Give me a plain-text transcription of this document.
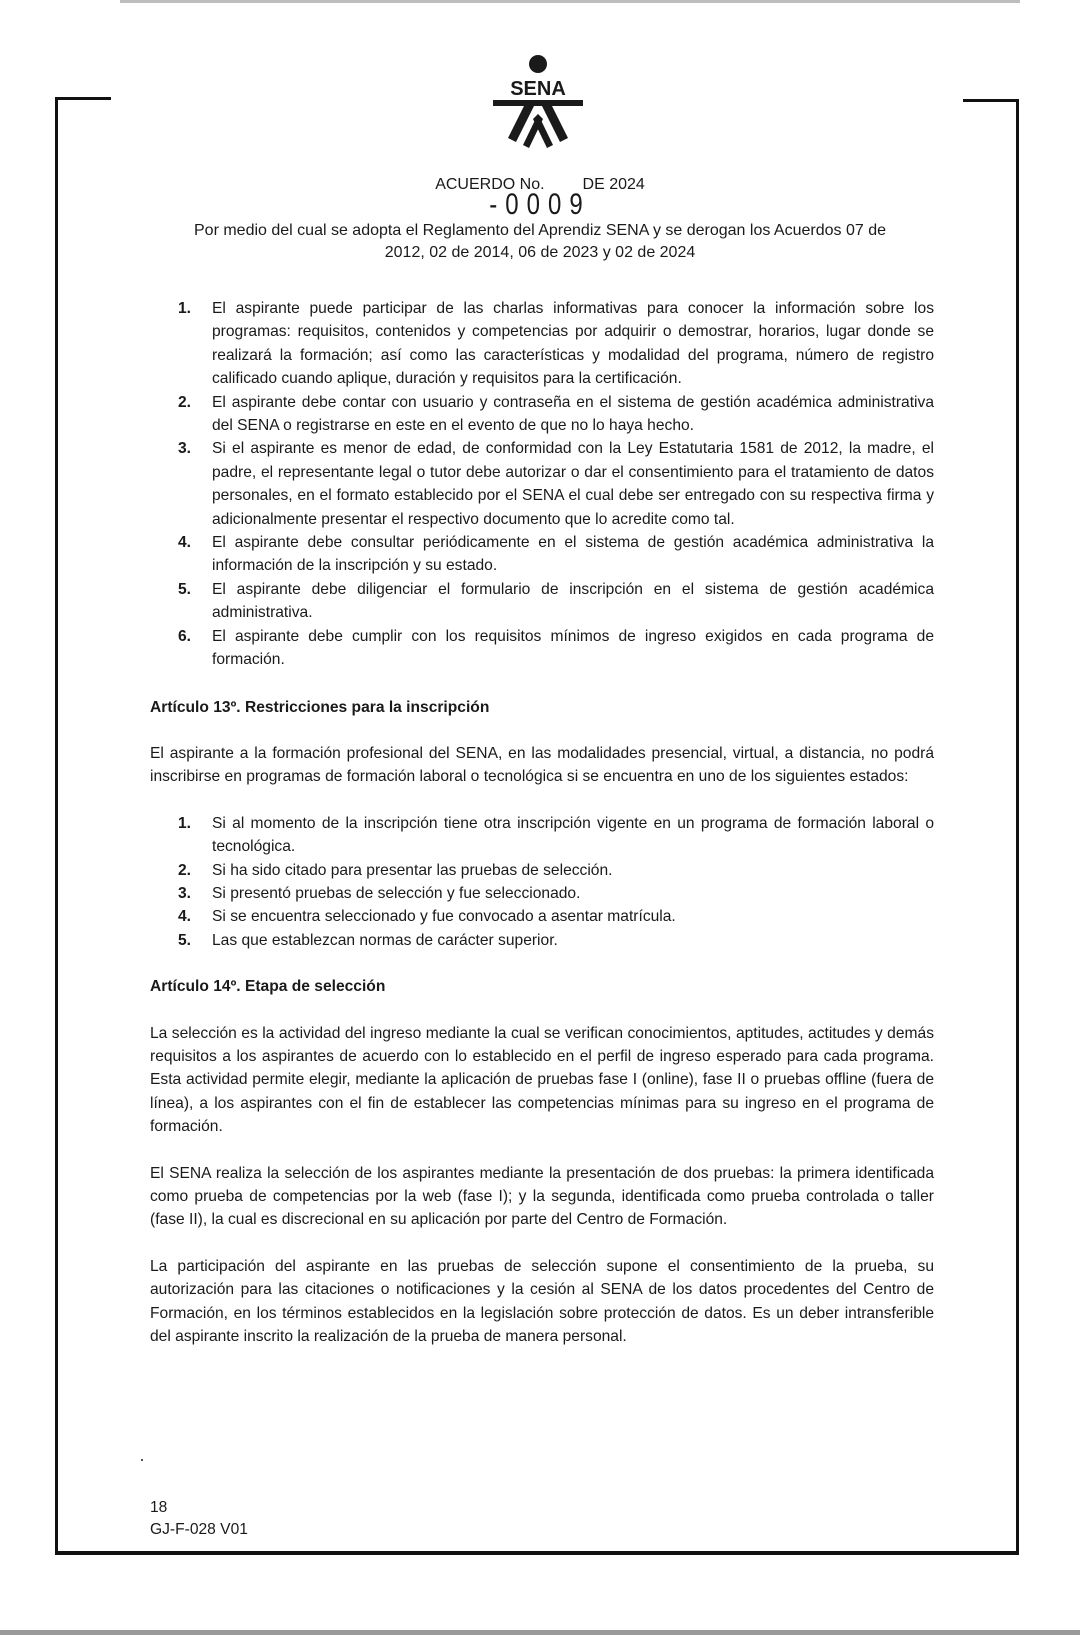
SENA
ACUERDO No. DE 2024
-0009
Por medio del cual se adopta el Reglamento del Aprendiz SENA y se derogan los Acuerdos 07 de
2012, 02 de 2014, 06 de 2023 y 02 de 2024
1. El aspirante puede participar de las charlas informativas para conocer la información sobre los programas: requisitos, contenidos y competencias por adquirir o demostrar, horarios, lugar donde se realizará la formación; así como las características y modalidad del programa, número de registro calificado cuando aplique, duración y requisitos para la certificación.
2. El aspirante debe contar con usuario y contraseña en el sistema de gestión académica administrativa del SENA o registrarse en este en el evento de que no lo haya hecho.
3. Si el aspirante es menor de edad, de conformidad con la Ley Estatutaria 1581 de 2012, la madre, el padre, el representante legal o tutor debe autorizar o dar el consentimiento para el tratamiento de datos personales, en el formato establecido por el SENA el cual debe ser entregado con su respectiva firma y adicionalmente presentar el respectivo documento que lo acredite como tal.
4. El aspirante debe consultar periódicamente en el sistema de gestión académica administrativa la información de la inscripción y su estado.
5. El aspirante debe diligenciar el formulario de inscripción en el sistema de gestión académica administrativa.
6. El aspirante debe cumplir con los requisitos mínimos de ingreso exigidos en cada programa de formación.

Artículo 13º. Restricciones para la inscripción

El aspirante a la formación profesional del SENA, en las modalidades presencial, virtual, a distancia, no podrá inscribirse en programas de formación laboral o tecnológica si se encuentra en uno de los siguientes estados:

1. Si al momento de la inscripción tiene otra inscripción vigente en un programa de formación laboral o tecnológica.
2. Si ha sido citado para presentar las pruebas de selección.
3. Si presentó pruebas de selección y fue seleccionado.
4. Si se encuentra seleccionado y fue convocado a asentar matrícula.
5. Las que establezcan normas de carácter superior.

Artículo 14º. Etapa de selección

La selección es la actividad del ingreso mediante la cual se verifican conocimientos, aptitudes, actitudes y demás requisitos a los aspirantes de acuerdo con lo establecido en el perfil de ingreso esperado para cada programa. Esta actividad permite elegir, mediante la aplicación de pruebas fase I (online), fase II o pruebas offline (fuera de línea), a los aspirantes con el fin de establecer las competencias mínimas para su ingreso en el programa de formación.

El SENA realiza la selección de los aspirantes mediante la presentación de dos pruebas: la primera identificada como prueba de competencias por la web (fase I); y la segunda, identificada como prueba controlada o taller (fase II), la cual es discrecional en su aplicación por parte del Centro de Formación.

La participación del aspirante en las pruebas de selección supone el consentimiento de la prueba, su autorización para las citaciones o notificaciones y la cesión al SENA de los datos procedentes del Centro de Formación, en los términos establecidos en la legislación sobre protección de datos. Es un deber intransferible del aspirante inscrito la realización de la prueba de manera personal.

18
GJ-F-028 V01
